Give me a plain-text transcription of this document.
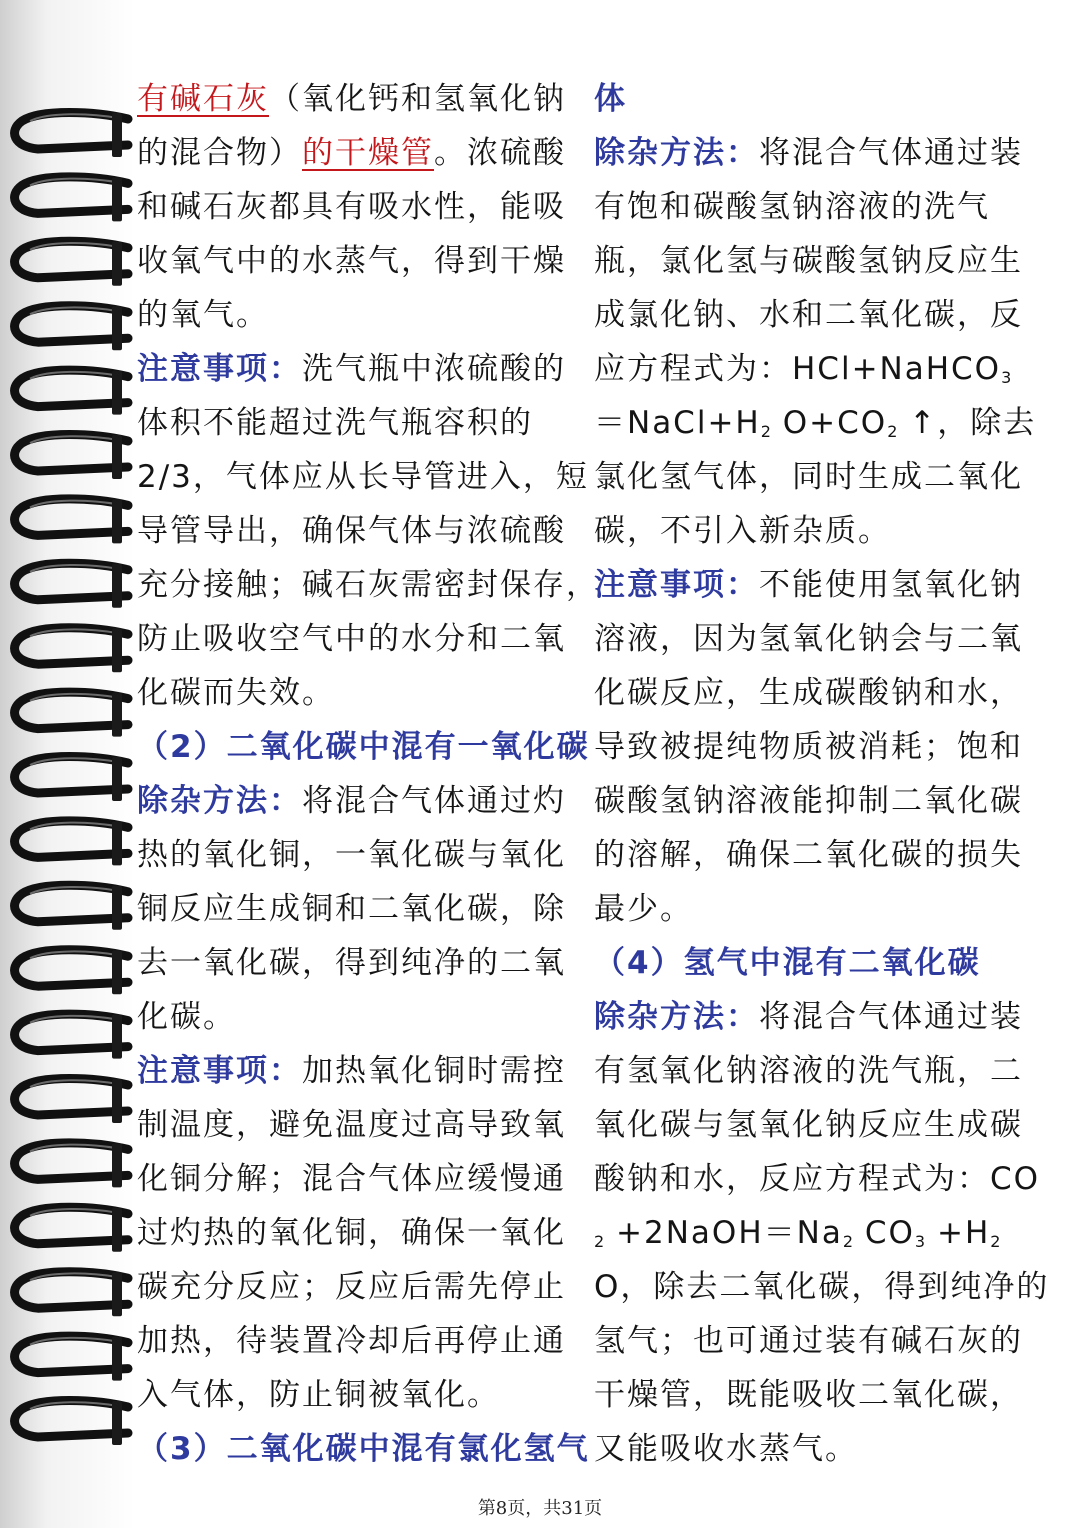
有碱石灰（氧化钙和氢氧化钠
的混合物）的干燥管。浓硫酸
和碱石灰都具有吸水性，能吸
收氧气中的水蒸气，得到干燥
的氧气。
注意事项：洗气瓶中浓硫酸的
体积不能超过洗气瓶容积的
2/3，气体应从长导管进入，短
导管导出，确保气体与浓硫酸
充分接触；碱石灰需密封保存，
防止吸收空气中的水分和二氧
化碳而失效。
（2）二氧化碳中混有一氧化碳
除杂方法：将混合气体通过灼
热的氧化铜，一氧化碳与氧化
铜反应生成铜和二氧化碳，除
去一氧化碳，得到纯净的二氧
化碳。
注意事项：加热氧化铜时需控
制温度，避免温度过高导致氧
化铜分解；混合气体应缓慢通
过灼热的氧化铜，确保一氧化
碳充分反应；反应后需先停止
加热，待装置冷却后再停止通
入气体，防止铜被氧化。
（3）二氧化碳中混有氯化氢气
体
除杂方法：将混合气体通过装
有饱和碳酸氢钠溶液的洗气
瓶，氯化氢与碳酸氢钠反应生
成氯化钠、水和二氧化碳，反
应方程式为：HCl+NaHCO$_3$
$=NaCl+H_2$ $O+CO_2$ ↑，除去
氯化氢气体，同时生成二氧化
碳，不引入新杂质。
注意事项：不能使用氢氧化钠
溶液，因为氢氧化钠会与二氧
化碳反应，生成碳酸钠和水，
导致被提纯物质被消耗；饱和
碳酸氢钠溶液能抑制二氧化碳
的溶解，确保二氧化碳的损失
最少。
（4）氢气中混有二氧化碳
除杂方法：将混合气体通过装
有氢氧化钠溶液的洗气瓶，二
氧化碳与氢氧化钠反应生成碳
酸钠和水，反应方程式为：CO
$_2 +2NaOH=Na_2$ $CO_3 +H_2$
O，除去二氧化碳，得到纯净的
氢气；也可通过装有碱石灰的
干燥管，既能吸收二氧化碳，
又能吸收水蒸气。
第8页，共31页
